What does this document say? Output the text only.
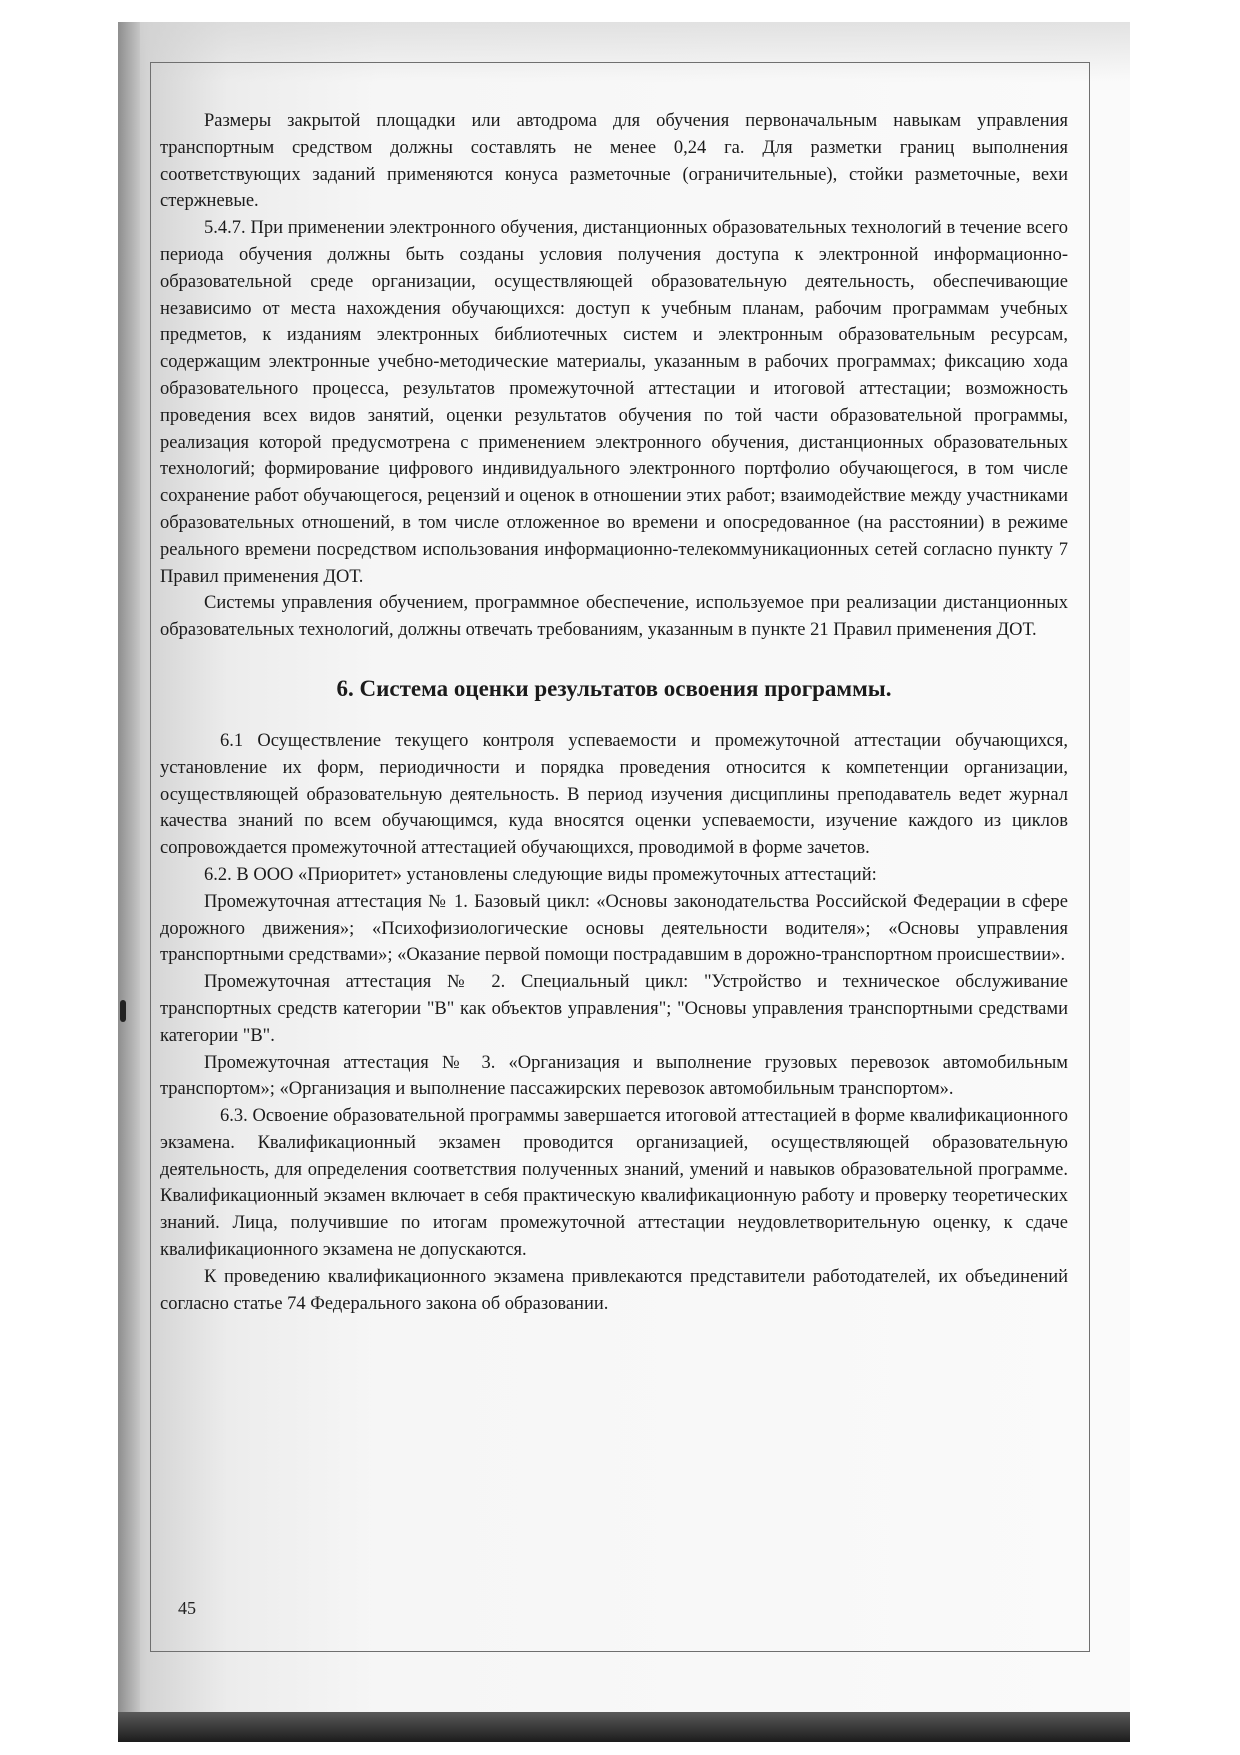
Размеры закрытой площадки или автодрома для обучения первоначальным навыкам управления транспортным средством должны составлять не менее 0,24 га. Для разметки границ выполнения соответствующих заданий применяются конуса разметочные (ограничительные), стойки разметочные, вехи стержневые.

5.4.7. При применении электронного обучения, дистанционных образовательных технологий в течение всего периода обучения должны быть созданы условия получения доступа к электронной информационно-образовательной среде организации, осуществляющей образовательную деятельность, обеспечивающие независимо от места нахождения обучающихся: доступ к учебным планам, рабочим программам учебных предметов, к изданиям электронных библиотечных систем и электронным образовательным ресурсам, содержащим электронные учебно-методические материалы, указанным в рабочих программах; фиксацию хода образовательного процесса, результатов промежуточной аттестации и итоговой аттестации; возможность проведения всех видов занятий, оценки результатов обучения по той части образовательной программы, реализация которой предусмотрена с применением электронного обучения, дистанционных образовательных технологий; формирование цифрового индивидуального электронного портфолио обучающегося, в том числе сохранение работ обучающегося, рецензий и оценок в отношении этих работ; взаимодействие между участниками образовательных отношений, в том числе отложенное во времени и опосредованное (на расстоянии) в режиме реального времени посредством использования информационно-телекоммуникационных сетей согласно пункту 7 Правил применения ДОТ.

Системы управления обучением, программное обеспечение, используемое при реализации дистанционных образовательных технологий, должны отвечать требованиям, указанным в пункте 21 Правил применения ДОТ.

6. Система оценки результатов освоения программы.

6.1 Осуществление текущего контроля успеваемости и промежуточной аттестации обучающихся, установление их форм, периодичности и порядка проведения относится к компетенции организации, осуществляющей образовательную деятельность. В период изучения дисциплины преподаватель ведет журнал качества знаний по всем обучающимся, куда вносятся оценки успеваемости, изучение каждого из циклов сопровождается промежуточной аттестацией обучающихся, проводимой в форме зачетов.

6.2. В ООО «Приоритет» установлены следующие виды промежуточных аттестаций:

Промежуточная аттестация № 1. Базовый цикл: «Основы законодательства Российской Федерации в сфере дорожного движения»; «Психофизиологические основы деятельности водителя»; «Основы управления транспортными средствами»; «Оказание первой помощи пострадавшим в дорожно-транспортном происшествии».

Промежуточная аттестация № 2. Специальный цикл: "Устройство и техническое обслуживание транспортных средств категории "В" как объектов управления"; "Основы управления транспортными средствами категории "В".

Промежуточная аттестация № 3. «Организация и выполнение грузовых перевозок автомобильным транспортом»; «Организация и выполнение пассажирских перевозок автомобильным транспортом».

6.3. Освоение образовательной программы завершается итоговой аттестацией в форме квалификационного экзамена. Квалификационный экзамен проводится организацией, осуществляющей образовательную деятельность, для определения соответствия полученных знаний, умений и навыков образовательной программе. Квалификационный экзамен включает в себя практическую квалификационную работу и проверку теоретических знаний. Лица, получившие по итогам промежуточной аттестации неудовлетворительную оценку, к сдаче квалификационного экзамена не допускаются.

К проведению квалификационного экзамена привлекаются представители работодателей, их объединений согласно статье 74 Федерального закона об образовании.

45
